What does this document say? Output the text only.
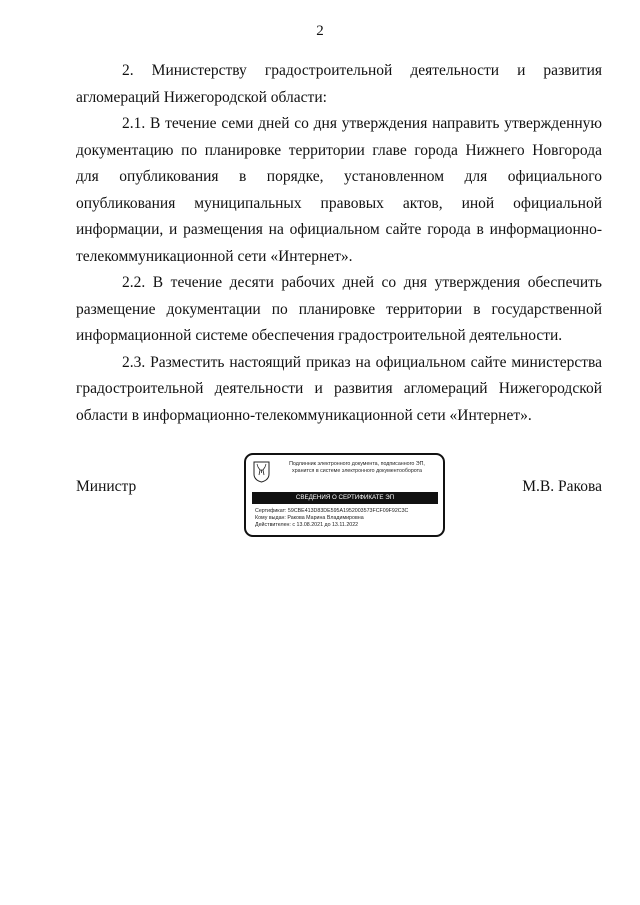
2

2. Министерству градостроительной деятельности и развития агломераций Нижегородской области:

2.1. В течение семи дней со дня утверждения направить утвержденную документацию по планировке территории главе города Нижнего Новгорода для опубликования в порядке, установленном для официального опубликования муниципальных правовых актов, иной официальной информации, и размещения на официальном сайте города в информационно-телекоммуникационной сети «Интернет».

2.2. В течение десяти рабочих дней со дня утверждения обеспечить размещение документации по планировке территории в государственной информационной системе обеспечения градостроительной деятельности.

2.3. Разместить настоящий приказ на официальном сайте министерства градостроительной деятельности и развития агломераций Нижегородской области в информационно-телекоммуникационной сети «Интернет».

Министр	М.В. Ракова
Подлинник электронного документа, подписанного ЭП,
хранится в системе электронного документооборота
СВЕДЕНИЯ О СЕРТИФИКАТЕ ЭП
Сертификат: 59CBE413D83DE595A1952003573FCF09F92C3C
Кому выдан: Ракова Марина Владимировна
Действителен: с 13.08.2021 до 13.11.2022
